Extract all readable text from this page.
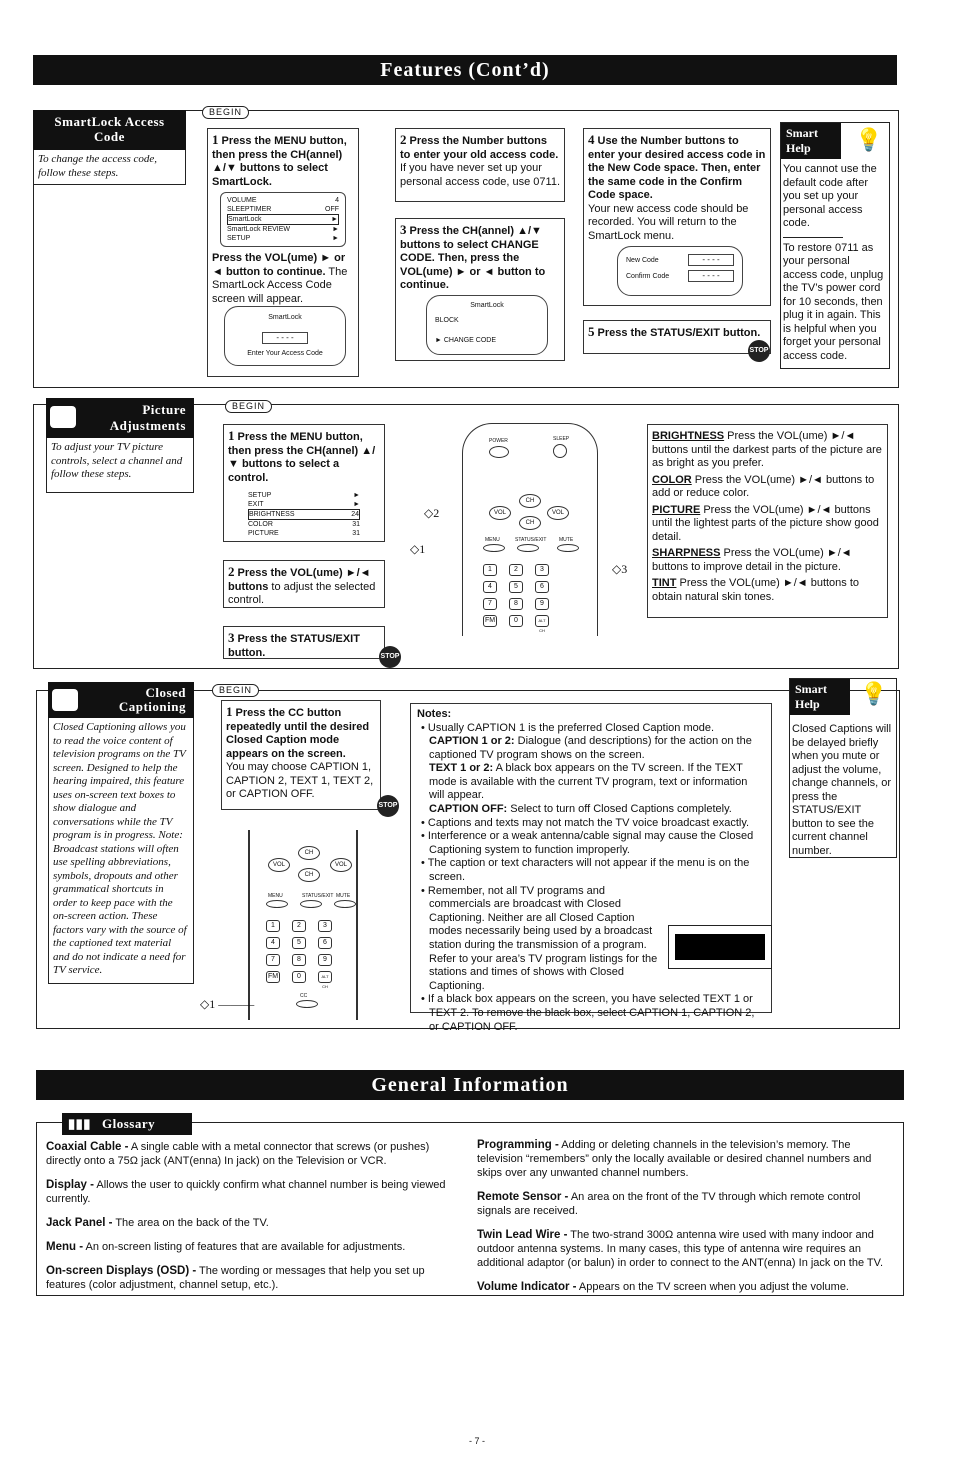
Features (Cont’d)
SmartLock Access Code
To change the access code, follow these steps.
BEGIN
1 Press the MENU button, then press the CH(annel) ▲/▼ buttons to select SmartLock.
VOLUME	4
SLEEPTIMER	OFF
SmartLock	►
SmartLock REVIEW	►
SETUP	►
Press the VOL(ume) ► or ◄ button to continue. The SmartLock Access Code screen will appear.
SmartLock
- - - -
Enter Your Access Code
2 Press the Number buttons to enter your old access code. If you have never set up your personal access code, use 0711.
3 Press the CH(annel) ▲/▼ buttons to select CHANGE CODE. Then, press the VOL(ume) ► or ◄ button to continue.
SmartLock
BLOCK
► CHANGE CODE
4 Use the Number buttons to enter your desired access code in the New Code space. Then, enter the same code in the Confirm Code space.
Your new access code should be recorded. You will return to the SmartLock menu.
New Code	- - - -
Confirm Code	- - - -
5 Press the STATUS/EXIT button.
STOP
Smart Help	💡
You cannot use the default code after you set up your personal access code.
To restore 0711 as your personal access code, unplug the TV’s power cord for 10 seconds, then plug it in again. This is helpful when you forget your personal access code.
Picture Adjustments
To adjust your TV picture controls, select a channel and follow these steps.
BEGIN
1 Press the MENU button, then press the CH(annel) ▲/▼ buttons to select a control.
SETUP	►
EXIT	►
BRIGHTNESS	24
COLOR	31
PICTURE	31
2 Press the VOL(ume) ►/◄ buttons to adjust the selected control.
3 Press the STATUS/EXIT button.	STOP
POWER	SLEEP
CH
VOL	VOL
CH
MENU	STATUS/EXIT	MUTE
1	2	3
4	5	6
7	8	9
FM	0	ALT CH
◇2
◇1
◇3
BRIGHTNESS Press the VOL(ume) ►/◄ buttons until the darkest parts of the picture are as bright as you prefer.
COLOR Press the VOL(ume) ►/◄ buttons to add or reduce color.
PICTURE Press the VOL(ume) ►/◄ buttons until the lightest parts of the picture show good detail.
SHARPNESS Press the VOL(ume) ►/◄ buttons to improve detail in the picture.
TINT Press the VOL(ume) ►/◄ buttons to obtain natural skin tones.
Closed Captioning
Closed Captioning allows you to read the voice content of television programs on the TV screen. Designed to help the hearing impaired, this feature uses on-screen text boxes to show dialogue and conversations while the TV program is in progress. Note: Broadcast stations will often use spelling abbreviations, symbols, dropouts and other grammatical shortcuts in order to keep pace with the on-screen action. These factors vary with the source of the captioned text material and do not indicate a need for TV service.
BEGIN
1 Press the CC button repeatedly until the desired Closed Caption mode appears on the screen.
You may choose CAPTION 1, CAPTION 2, TEXT 1, TEXT 2, or CAPTION OFF.
STOP
CH
VOL	VOL
CH
MENU	STATUS/EXIT MUTE
1	2	3
4	5	6
7	8	9
FM	0	ALT CH
CC
◇1 ———
Notes:
• Usually CAPTION 1 is the preferred Closed Caption mode.
CAPTION 1 or 2: Dialogue (and descriptions) for the action on the captioned TV program shows on the screen.
TEXT 1 or 2: A black box appears on the TV screen. If the TEXT mode is available with the current TV program, text or information will appear.
CAPTION OFF: Select to turn off Closed Captions completely.
• Captions and texts may not match the TV voice broadcast exactly.
• Interference or a weak antenna/cable signal may cause the Closed Captioning system to function improperly.
• The caption or text characters will not appear if the menu is on the screen.
• Remember, not all TV programs and commercials are broadcast with Closed Captioning. Neither are all Closed Caption modes necessarily being used by a broadcast station during the transmission of a program. Refer to your area’s TV program listings for the stations and times of shows with Closed Captioning.
• If a black box appears on the screen, you have selected TEXT 1 or TEXT 2. To remove the black box, select CAPTION 1, CAPTION 2, or CAPTION OFF.
Smart Help	💡
Closed Captions will be delayed briefly when you mute or adjust the volume, change channels, or press the STATUS/EXIT button to see the current channel number.
General Information
▮▮▮ Glossary

Coaxial Cable - A single cable with a metal connector that screws (or pushes) directly onto a 75Ω jack (ANT(enna) In jack) on the Television or VCR.

Display - Allows the user to quickly confirm what channel number is being viewed currently.

Jack Panel - The area on the back of the TV.

Menu - An on-screen listing of features that are available for adjustments.

On-screen Displays (OSD) - The wording or messages that help you set up features (color adjustment, channel setup, etc.).

Programming - Adding or deleting channels in the television’s memory. The television “remembers” only the locally available or desired channel numbers and skips over any unwanted channel numbers.

Remote Sensor - An area on the front of the TV through which remote control signals are received.

Twin Lead Wire - The two-strand 300Ω antenna wire used with many indoor and outdoor antenna systems. In many cases, this type of antenna wire requires an additional adaptor (or balun) in order to connect to the ANT(enna) In jack on the TV.

Volume Indicator - Appears on the TV screen when you adjust the volume.

- 7 -
